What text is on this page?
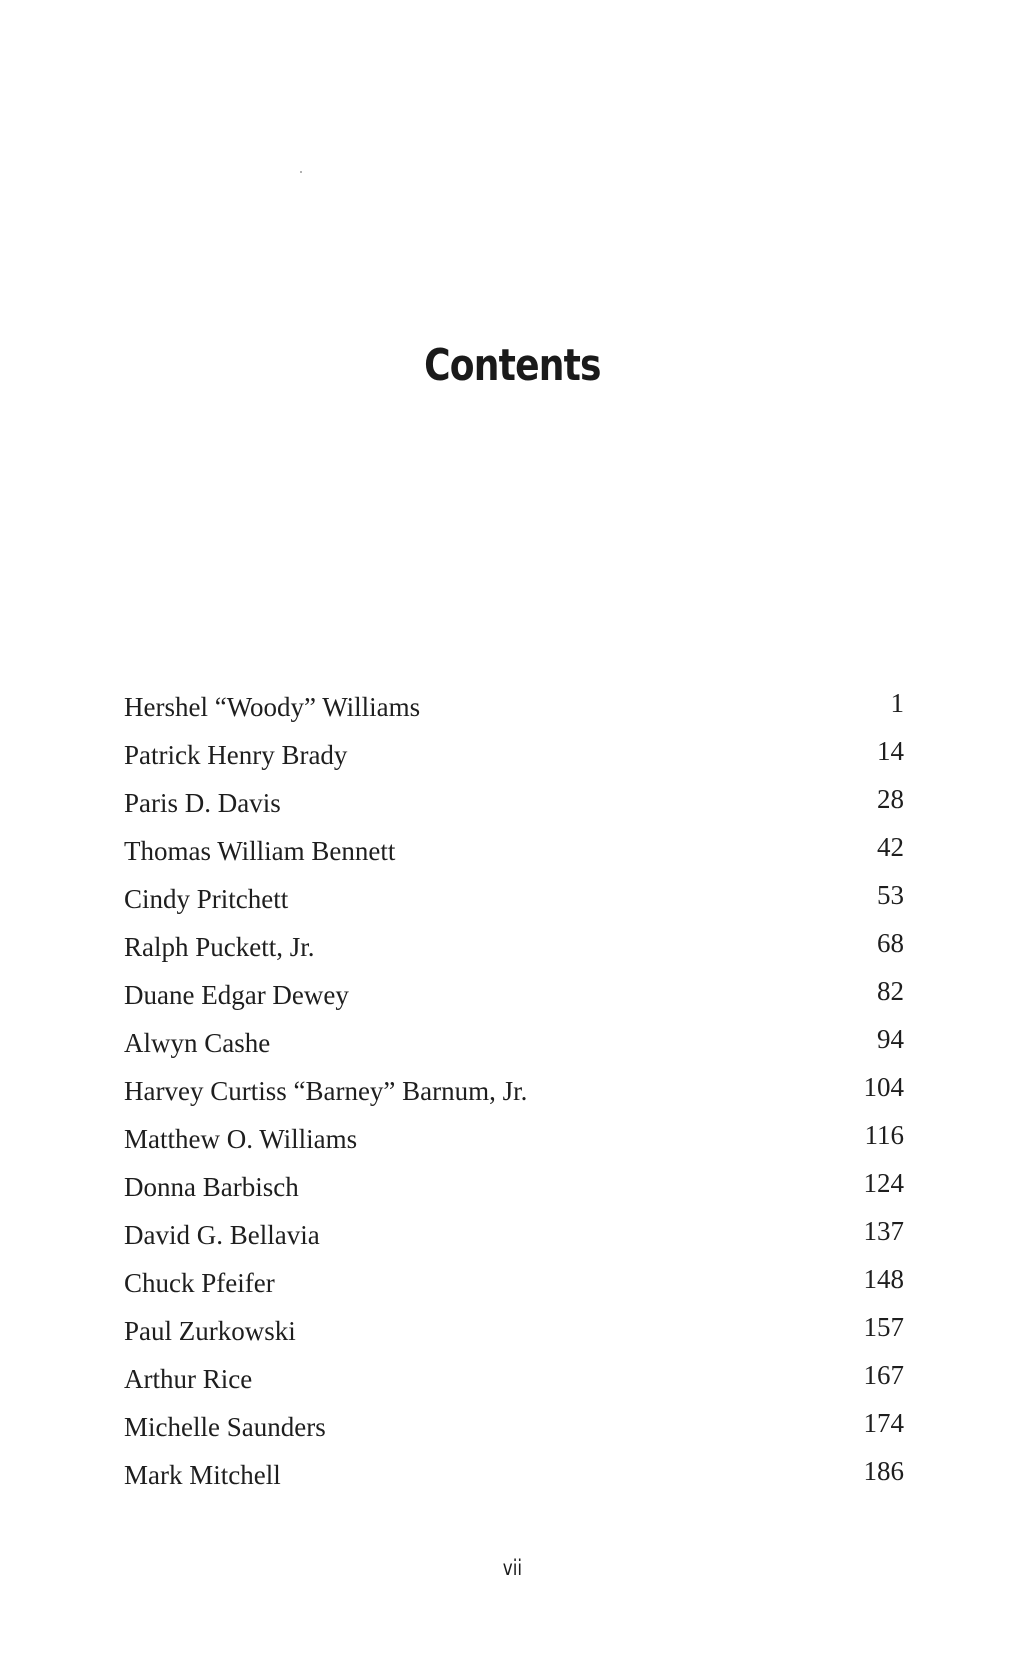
Contents
Hershel “Woody” Williams	1
Patrick Henry Brady	14
Paris D. Davis	28
Thomas William Bennett	42
Cindy Pritchett	53
Ralph Puckett, Jr.	68
Duane Edgar Dewey	82
Alwyn Cashe	94
Harvey Curtiss “Barney” Barnum, Jr.	104
Matthew O. Williams	116
Donna Barbisch	124
David G. Bellavia	137
Chuck Pfeifer	148
Paul Zurkowski	157
Arthur Rice	167
Michelle Saunders	174
Mark Mitchell	186
vii
